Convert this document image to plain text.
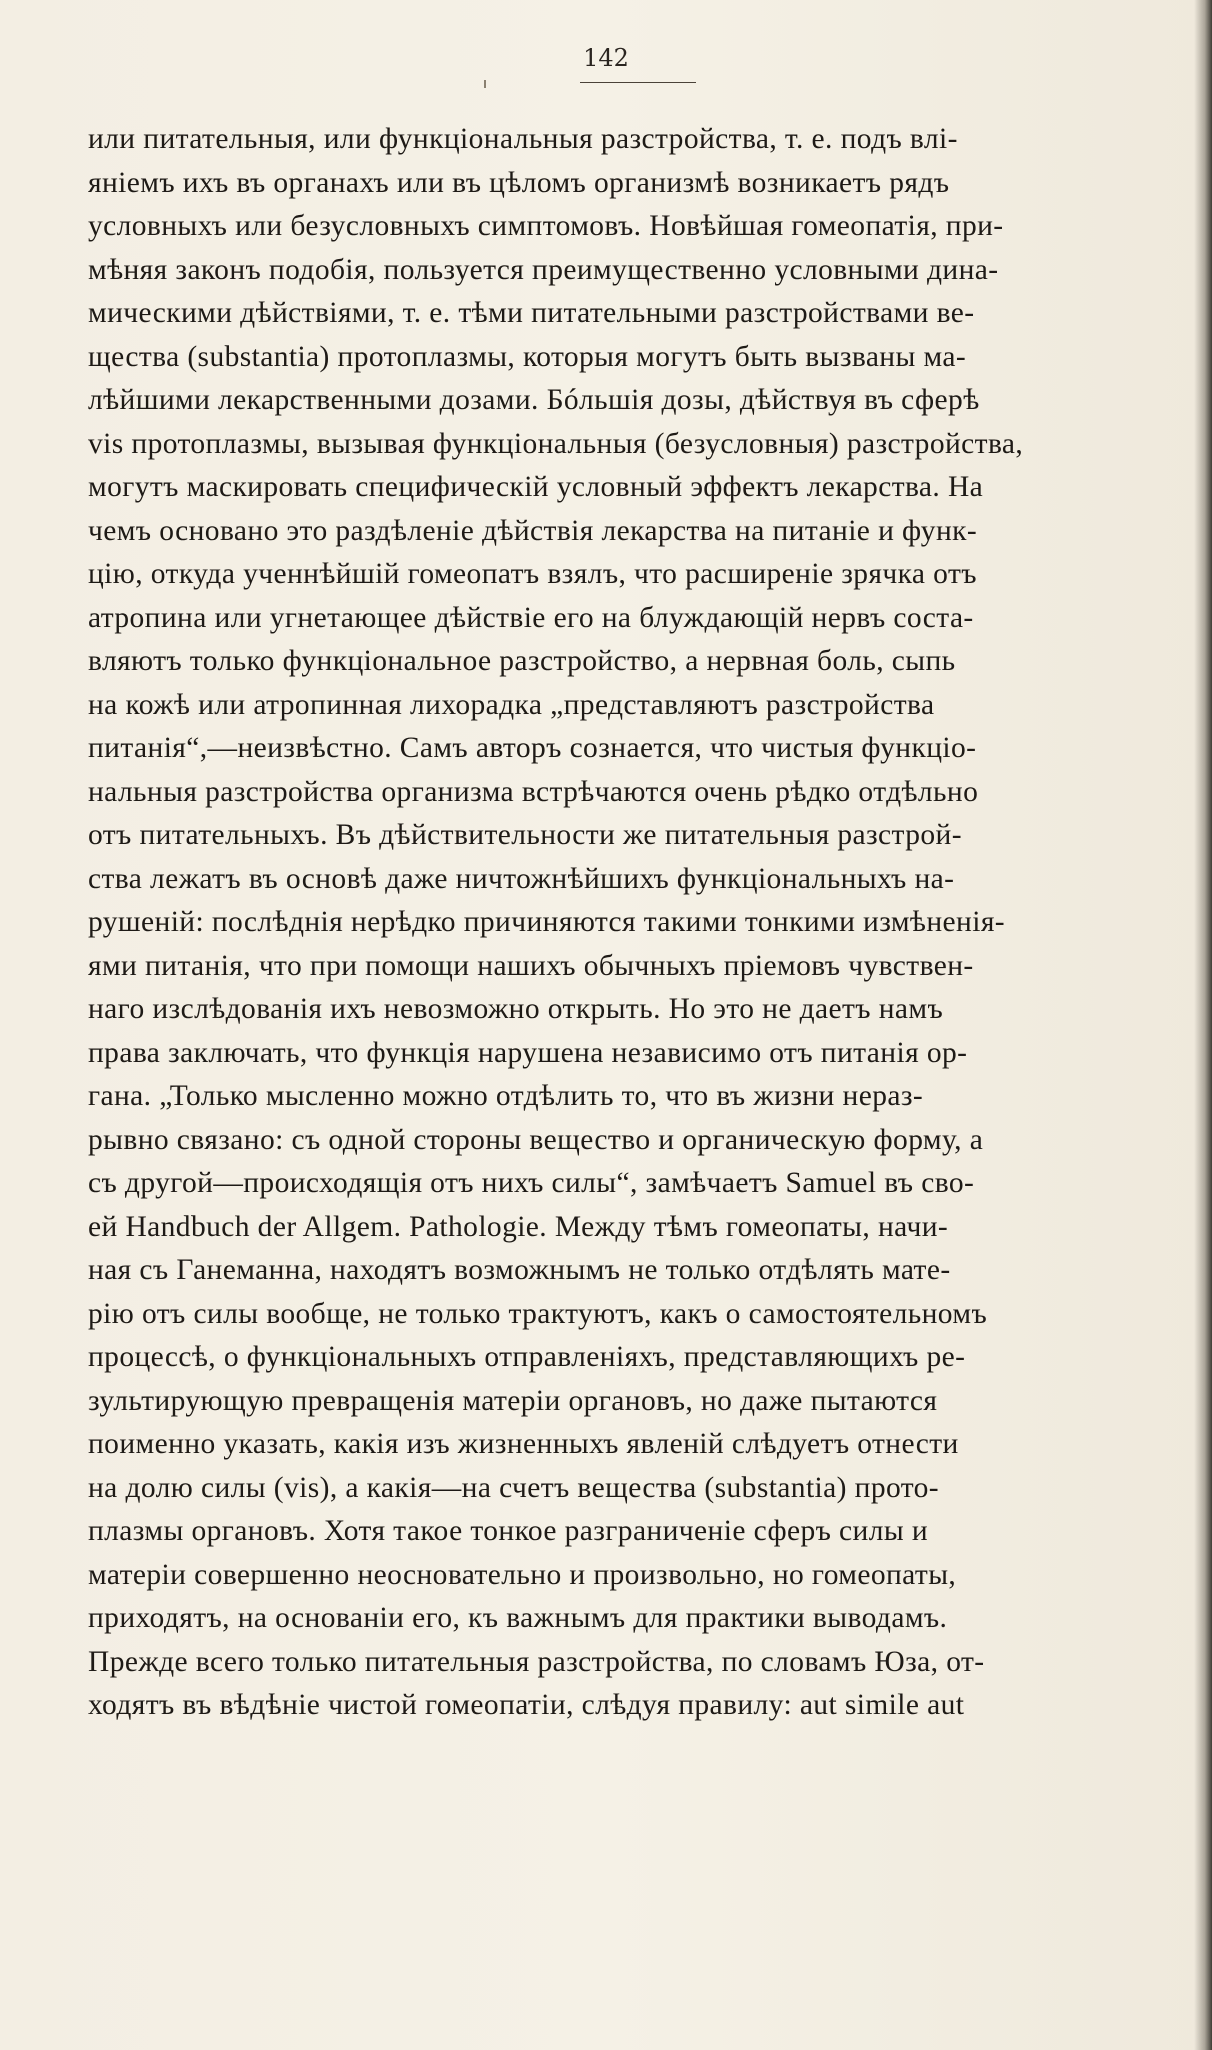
142
или питательныя, или функціональныя разстройства, т. е. подъ влі-
яніемъ ихъ въ органахъ или въ цѣломъ организмѣ возникаетъ рядъ
условныхъ или безусловныхъ симптомовъ. Новѣйшая гомеопатія, при-
мѣняя законъ подобія, пользуется преимущественно условными дина-
мическими дѣйствіями, т. е. тѣми питательными разстройствами ве-
щества (substantia) протоплазмы, которыя могутъ быть вызваны ма-
лѣйшими лекарственными дозами. Бóльшія дозы, дѣйствуя въ сферѣ
vis протоплазмы, вызывая функціональныя (безусловныя) разстройства,
могутъ маскировать специфическій условный эффектъ лекарства. На
чемъ основано это раздѣленіе дѣйствія лекарства на питаніе и функ-
цію, откуда ученнѣйшій гомеопатъ взялъ, что расширеніе зрячка отъ
атропина или угнетающее дѣйствіе его на блуждающій нервъ соста-
вляютъ только функціональное разстройство, а нервная боль, сыпь
на кожѣ или атропинная лихорадка „представляютъ разстройства
питанія“,—неизвѣстно. Самъ авторъ сознается, что чистыя функціо-
нальныя разстройства организма встрѣчаются очень рѣдко отдѣльно
отъ питательныхъ. Въ дѣйствительности же питательныя разстрой-
ства лежатъ въ основѣ даже ничтожнѣйшихъ функціональныхъ на-
рушеній: послѣднія нерѣдко причиняются такими тонкими измѣненія-
ями питанія, что при помощи нашихъ обычныхъ пріемовъ чувствен-
наго изслѣдованія ихъ невозможно открыть. Но это не даетъ намъ
права заключать, что функція нарушена независимо отъ питанія ор-
гана. „Только мысленно можно отдѣлить то, что въ жизни нераз-
рывно связано: съ одной стороны вещество и органическую форму, а
съ другой—происходящія отъ нихъ силы“, замѣчаетъ Samuel въ сво-
ей Handbuch der Allgem. Pathologie. Между тѣмъ гомеопаты, начи-
ная съ Ганеманна, находятъ возможнымъ не только отдѣлять мате-
рію отъ силы вообще, не только трактуютъ, какъ о самостоятельномъ
процессѣ, о функціональныхъ отправленіяхъ, представляющихъ ре-
зультирующую превращенія матеріи органовъ, но даже пытаются
поименно указать, какія изъ жизненныхъ явленій слѣдуетъ отнести
на долю силы (vis), а какія—на счетъ вещества (substantia) прото-
плазмы органовъ. Хотя такое тонкое разграниченіе сферъ силы и
матеріи совершенно неосновательно и произвольно, но гомеопаты,
приходятъ, на основаніи его, къ важнымъ для практики выводамъ.
Прежде всего только питательныя разстройства, по словамъ Юза, от-
ходятъ въ вѣдѣніе чистой гомеопатіи, слѣдуя правилу: aut simile aut
